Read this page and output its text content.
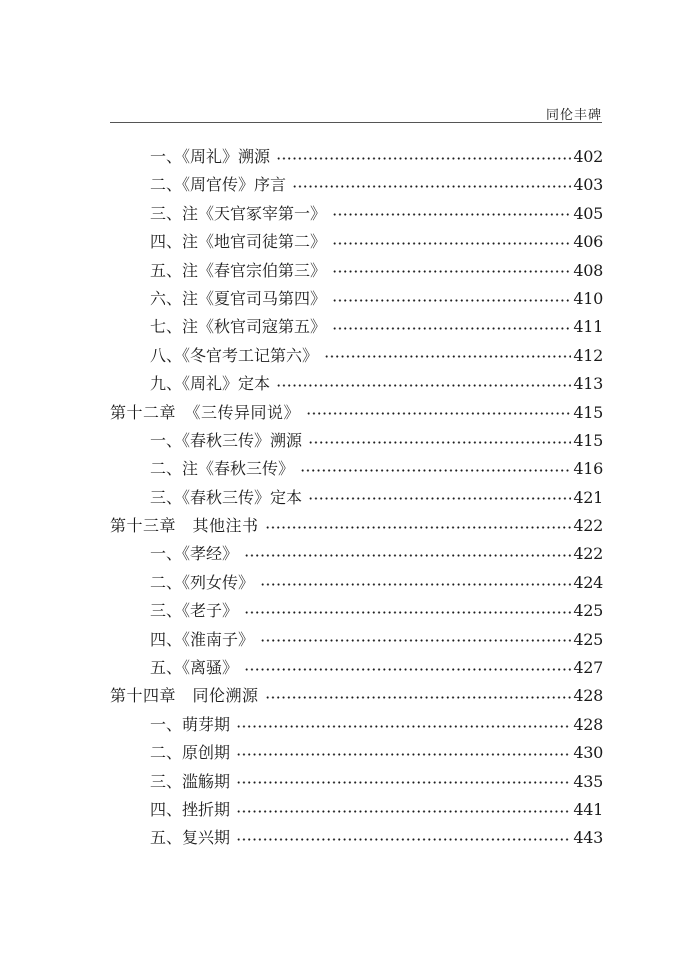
同伦丰碑
一、《周礼》溯源	402
二、《周官传》序言	403
三、注《天官冢宰第一》	405
四、注《地官司徒第二》	406
五、注《春官宗伯第三》	408
六、注《夏官司马第四》	410
七、注《秋官司寇第五》	411
八、《冬官考工记第六》	412
九、《周礼》定本	413
第十二章　《三传异同说》	415
一、《春秋三传》溯源	415
二、注《春秋三传》	416
三、《春秋三传》定本	421
第十三章　其他注书	422
一、《孝经》	422
二、《列女传》	424
三、《老子》	425
四、《淮南子》	425
五、《离骚》	427
第十四章　同伦溯源	428
一、萌芽期	428
二、原创期	430
三、滥觞期	435
四、挫折期	441
五、复兴期	443
